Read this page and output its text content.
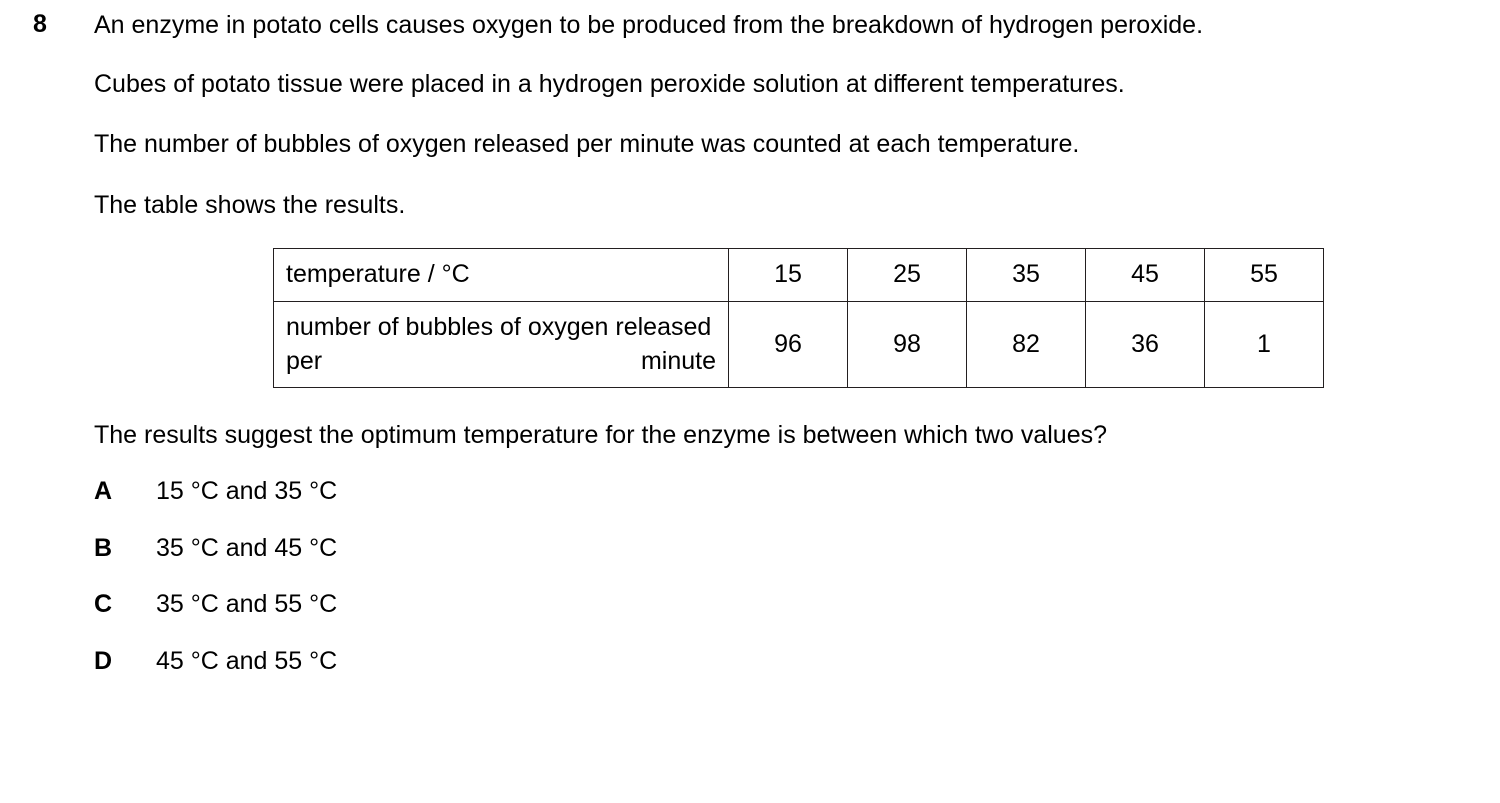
8 An enzyme in potato cells causes oxygen to be produced from the breakdown of hydrogen peroxide.

Cubes of potato tissue were placed in a hydrogen peroxide solution at different temperatures.

The number of bubbles of oxygen released per minute was counted at each temperature.

The table shows the results.

temperature / °C	15	25	35	45	55
number of bubbles of oxygen released per minute	96	98	82	36	1

The results suggest the optimum temperature for the enzyme is between which two values?

A	15 °C and 35 °C
B	35 °C and 45 °C
C	35 °C and 55 °C
D	45 °C and 55 °C
